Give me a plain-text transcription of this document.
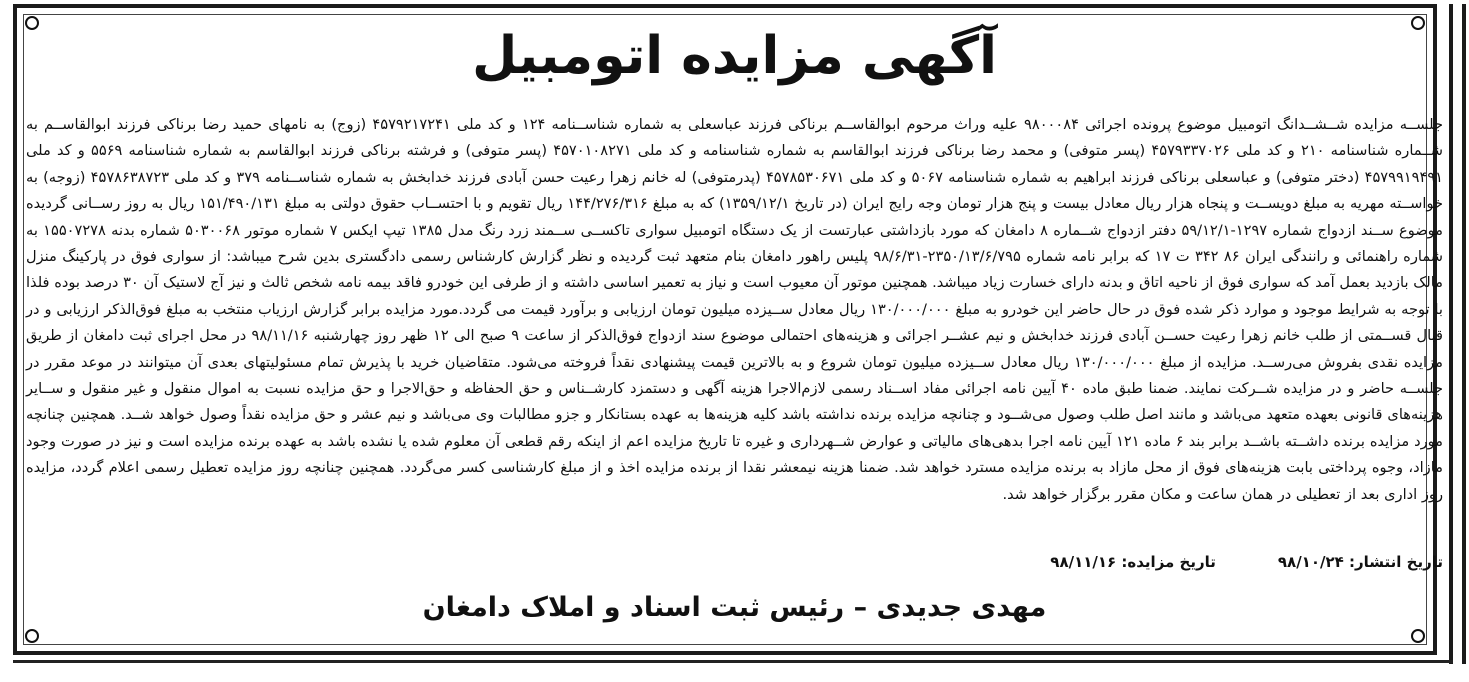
آگهی مزایده اتومبیل
جلســه مزایده شــشــدانگ اتومبیل موضوع پرونده اجرائی ۹۸۰۰۰۸۴ علیه وراث مرحوم ابوالقاســم برناکی فرزند عباسعلی به شماره شناســنامه ۱۲۴ و کد ملی ۴۵۷۹۲۱۷۲۴۱ (زوج) به نامهای حمید رضا برناکی فرزند ابوالقاســم به شــماره شناسنامه ۲۱۰ و کد ملی ۴۵۷۹۳۳۷۰۲۶ (پسر متوفی) و محمد رضا برناکی فرزند ابوالقاسم به شماره شناسنامه و کد ملی ۴۵۷۰۱۰۸۲۷۱ (پسر متوفی) و فرشته برناکی فرزند ابوالقاسم به شماره شناسنامه ۵۵۶۹ و کد ملی ۴۵۷۹۹۱۹۴۹۱ (دختر متوفی) و عباسعلی برناکی فرزند ابراهیم به شماره شناسنامه ۵۰۶۷ و کد ملی ۴۵۷۸۵۳۰۶۷۱ (پدرمتوفی) له خانم زهرا رعیت حسن آبادی فرزند خدابخش به شماره شناســنامه ۳۷۹ و کد ملی ۴۵۷۸۶۳۸۷۲۳ (زوجه) به خواســته مهریه به مبلغ دویســت و پنجاه هزار ریال معادل بیست و پنج هزار تومان وجه رایج ایران (در تاریخ ۱۳۵۹/۱۲/۱) که به مبلغ ۱۴۴/۲۷۶/۳۱۶ ریال تقویم و با احتســاب حقوق دولتی به مبلغ ۱۵۱/۴۹۰/۱۳۱ ریال به روز رســانی گردیده موضوع ســند ازدواج شماره ۱۲۹۷-۵۹/۱۲/۱ دفتر ازدواج شــماره ۸ دامغان که مورد بازداشتی عبارتست از یک دستگاه اتومبیل سواری تاکســی ســمند زرد رنگ مدل ۱۳۸۵ تیپ ایکس ۷ شماره موتور ۵۰۳۰۰۶۸ شماره بدنه ۱۵۵۰۷۲۷۸ به شماره راهنمائی و رانندگی ایران ۸۶ ۳۴۲ ت ۱۷ که برابر نامه شماره ۲۳۵۰/۱۳/۶/۷۹۵-۹۸/۶/۳۱ پلیس راهور دامغان بنام متعهد ثبت گردیده و نظر گزارش کارشناس رسمی دادگستری بدین شرح میباشد: از سواری فوق در پارکینگ منزل مالک بازدید بعمل آمد که سواری فوق از ناحیه اتاق و بدنه دارای خسارت زیاد میباشد. همچنین موتور آن معیوب است و نیاز به تعمیر اساسی داشته و از طرفی این خودرو فاقد بیمه نامه شخص ثالث و نیز آج لاستیک آن ۳۰ درصد بوده فلذا با توجه به شرایط موجود و موارد ذکر شده فوق در حال حاضر این خودرو به مبلغ ۱۳۰/۰۰۰/۰۰۰ ریال معادل ســیزده میلیون تومان ارزیابی و برآورد قیمت می گردد.مورد مزایده برابر گزارش ارزیاب منتخب به مبلغ فوق‌الذکر ارزیابی و در قبال قســمتی از طلب خانم زهرا رعیت حســن آبادی فرزند خدابخش و نیم عشــر اجرائی و هزینه‌های احتمالی موضوع سند ازدواج فوق‌الذکر از ساعت ۹ صبح الی ۱۲ ظهر روز چهارشنبه ۹۸/۱۱/۱۶ در محل اجرای ثبت دامغان از طریق مزایده نقدی بفروش می‌رســد. مزایده از مبلغ ۱۳۰/۰۰۰/۰۰۰ ریال معادل ســیزده میلیون تومان شروع و به بالاترین قیمت پیشنهادی نقداً فروخته می‌شود. متقاضیان خرید با پذیرش تمام مسئولیتهای بعدی آن میتوانند در موعد مقرر در جلســه حاضر و در مزایده شــرکت نمایند. ضمنا طبق ماده ۴۰ آیین نامه اجرائی مفاد اســناد رسمی لازم‌الاجرا هزینه آگهی و دستمزد کارشــناس و حق الحفاظه و حق‌الاجرا و حق مزایده نسبت به اموال منقول و غیر منقول و ســایر هزینه‌های قانونی بعهده متعهد می‌باشد و مانند اصل طلب وصول می‌شــود و چنانچه مزایده برنده نداشته باشد کلیه هزینه‌ها به عهده بستانکار و جزو مطالبات وی می‌باشد و نیم عشر و حق مزایده نقداً وصول خواهد شــد. همچنین چنانچه مورد مزایده برنده داشــته باشــد برابر بند ۶ ماده ۱۲۱ آیین نامه اجرا بدهی‌های مالیاتی و عوارض شــهرداری و غیره تا تاریخ مزایده اعم از اینکه رقم قطعی آن معلوم شده یا نشده باشد به عهده برنده مزایده است و نیز در صورت وجود مازاد، وجوه پرداختی بابت هزینه‌های فوق از محل مازاد به برنده مزایده مسترد خواهد شد. ضمنا هزینه نیمعشر نقدا از برنده مزایده اخذ و از مبلغ کارشناسی کسر می‌گردد. همچنین چنانچه روز مزایده تعطیل رسمی اعلام گردد، مزایده روز اداری بعد از تعطیلی در همان ساعت و مکان مقرر برگزار خواهد شد.
تاریخ انتشار: ۹۸/۱۰/۲۴
تاریخ مزایده: ۹۸/۱۱/۱۶
مهدی جدیدی – رئیس ثبت اسناد و املاک دامغان
